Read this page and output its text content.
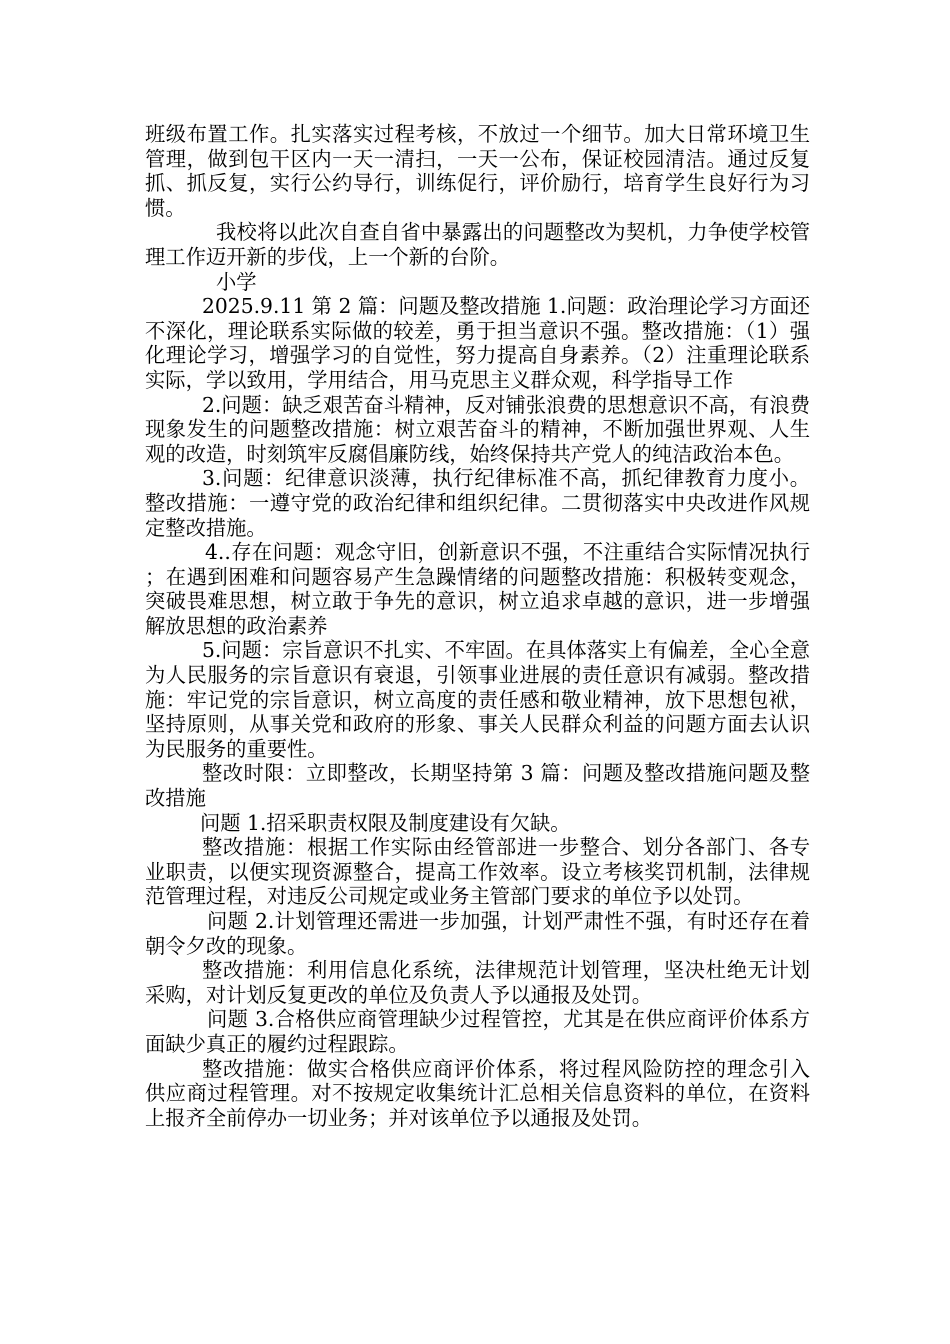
班级布置工作。扎实落实过程考核，不放过一个细节。加大日常环境卫生管理，做到包干区内一天一清扫，一天一公布，保证校园清洁。通过反复抓、抓反复，实行公约导行，训练促行，评价励行，培育学生良好行为习惯。

我校将以此次自查自省中暴露出的问题整改为契机，力争使学校管理工作迈开新的步伐，上一个新的台阶。

小学

2025.9.11 第 2 篇：问题及整改措施 1.问题：政治理论学习方面还不深化，理论联系实际做的较差，勇于担当意识不强。整改措施：（1）强化理论学习，增强学习的自觉性，努力提高自身素养。（2）注重理论联系实际，学以致用，学用结合，用马克思主义群众观，科学指导工作

2.问题：缺乏艰苦奋斗精神，反对铺张浪费的思想意识不高，有浪费现象发生的问题整改措施：树立艰苦奋斗的精神，不断加强世界观、人生观的改造，时刻筑牢反腐倡廉防线，始终保持共产党人的纯洁政治本色。

3.问题：纪律意识淡薄，执行纪律标准不高，抓纪律教育力度小。 整改措施：一遵守党的政治纪律和组织纪律。二贯彻落实中央改进作风规定整改措施。

4..存在问题：观念守旧，创新意识不强，不注重结合实际情况执行；在遇到困难和问题容易产生急躁情绪的问题整改措施：积极转变观念，突破畏难思想，树立敢于争先的意识，树立追求卓越的意识，进一步增强解放思想的政治素养

5.问题：宗旨意识不扎实、不牢固。在具体落实上有偏差，全心全意为人民服务的宗旨意识有衰退，引领事业进展的责任意识有减弱。整改措施：牢记党的宗旨意识，树立高度的责任感和敬业精神，放下思想包袱，坚持原则，从事关党和政府的形象、事关人民群众利益的问题方面去认识为民服务的重要性。

整改时限：立即整改，长期坚持第 3 篇：问题及整改措施问题及整改措施

问题 1.招采职责权限及制度建设有欠缺。

整改措施：根据工作实际由经管部进一步整合、划分各部门、各专业职责，以便实现资源整合，提高工作效率。设立考核奖罚机制，法律规范管理过程，对违反公司规定或业务主管部门要求的单位予以处罚。

问题 2.计划管理还需进一步加强，计划严肃性不强，有时还存在着朝令夕改的现象。

整改措施：利用信息化系统，法律规范计划管理，坚决杜绝无计划采购，对计划反复更改的单位及负责人予以通报及处罚。

问题 3.合格供应商管理缺少过程管控，尤其是在供应商评价体系方面缺少真正的履约过程跟踪。

整改措施：做实合格供应商评价体系，将过程风险防控的理念引入供应商过程管理。对不按规定收集统计汇总相关信息资料的单位，在资料上报齐全前停办一切业务；并对该单位予以通报及处罚。
